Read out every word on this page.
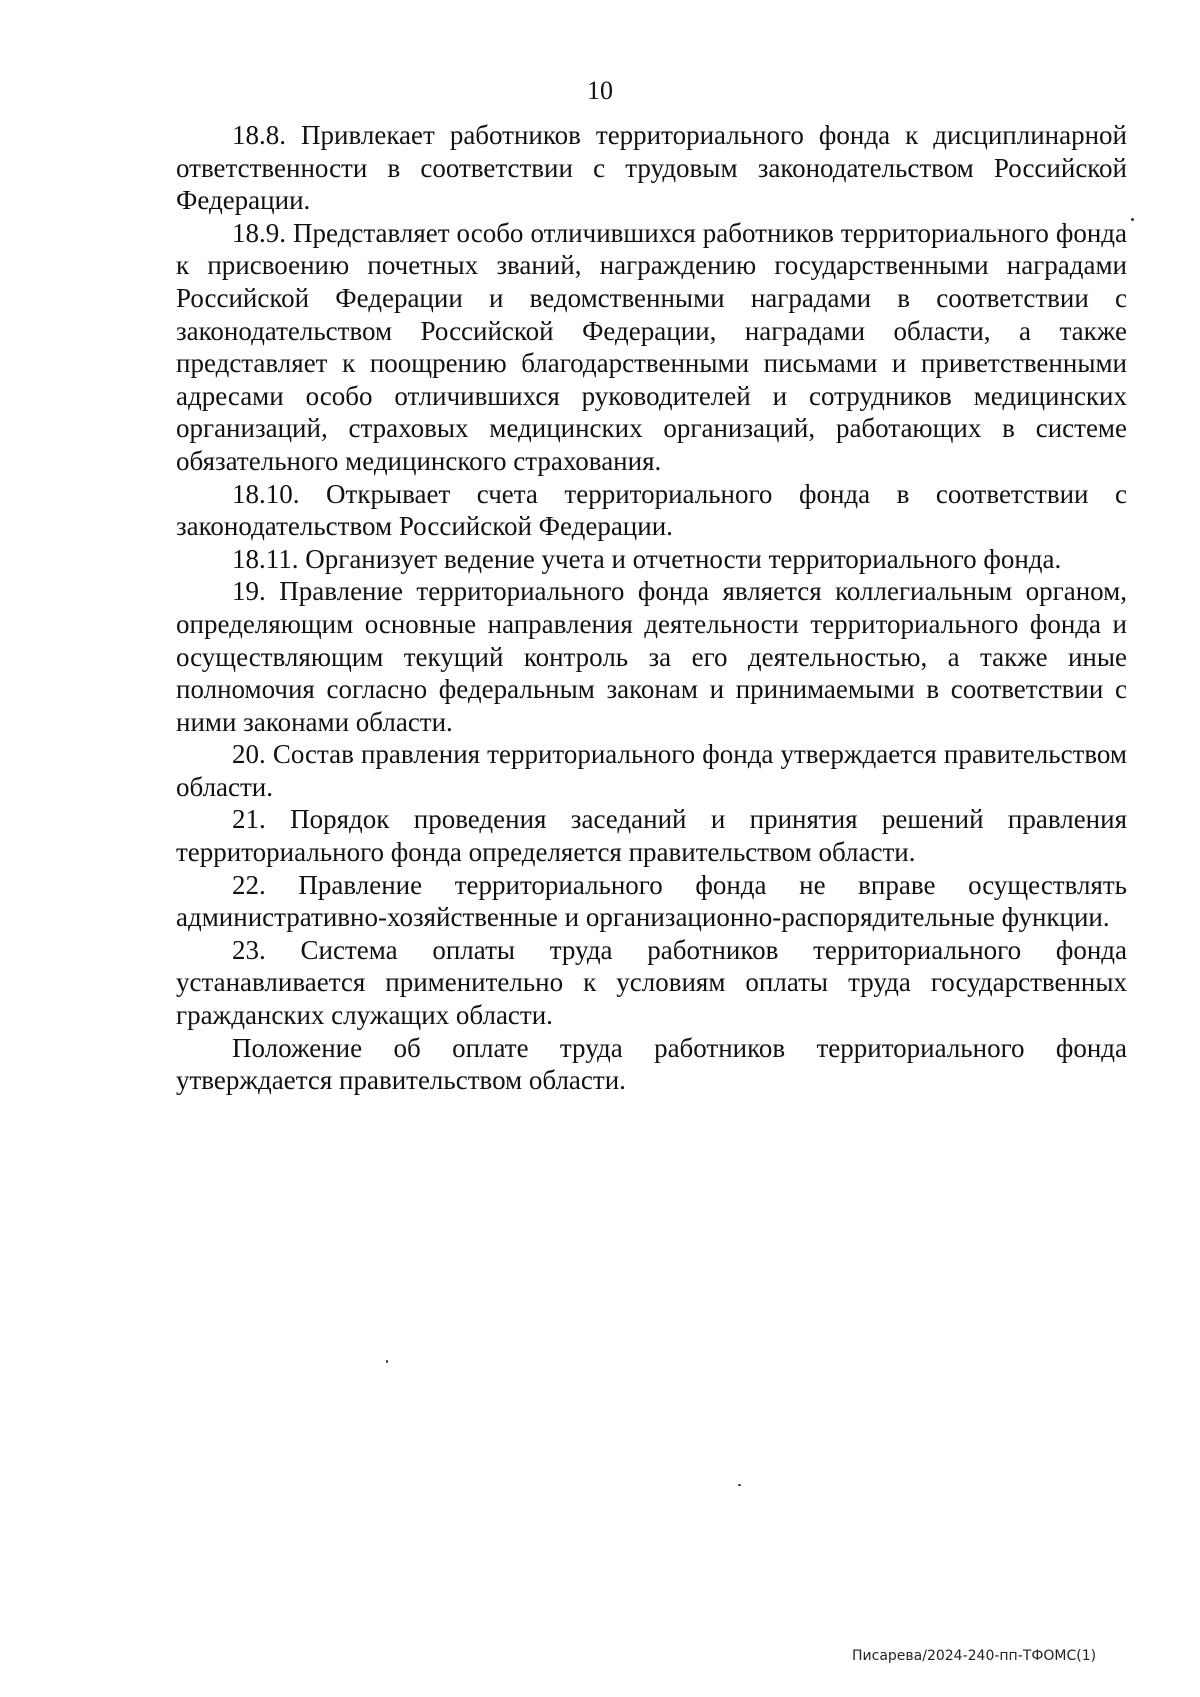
10

18.8. Привлекает работников территориального фонда к дисциплинарной ответственности в соответствии с трудовым законодательством Российской Федерации.

18.9. Представляет особо отличившихся работников территориального фонда к присвоению почетных званий, награждению государственными наградами Российской Федерации и ведомственными наградами в соответствии с законодательством Российской Федерации, наградами области, а также представляет к поощрению благодарственными письмами и приветственными адресами особо отличившихся руководителей и сотрудников медицинских организаций, страховых медицинских организаций, работающих в системе обязательного медицинского страхования.

18.10. Открывает счета территориального фонда в соответствии с законодательством Российской Федерации.

18.11. Организует ведение учета и отчетности территориального фонда.

19. Правление территориального фонда является коллегиальным органом, определяющим основные направления деятельности территориального фонда и осуществляющим текущий контроль за его деятельностью, а также иные полномочия согласно федеральным законам и принимаемыми в соответствии с ними законами области.

20. Состав правления территориального фонда утверждается правительством области.

21. Порядок проведения заседаний и принятия решений правления территориального фонда определяется правительством области.

22. Правление территориального фонда не вправе осуществлять административно-хозяйственные и организационно-распорядительные функции.

23. Система оплаты труда работников территориального фонда устанавливается применительно к условиям оплаты труда государственных гражданских служащих области.

Положение об оплате труда работников территориального фонда утверждается правительством области.

Писарева/2024-240-пп-ТФОМС(1)
